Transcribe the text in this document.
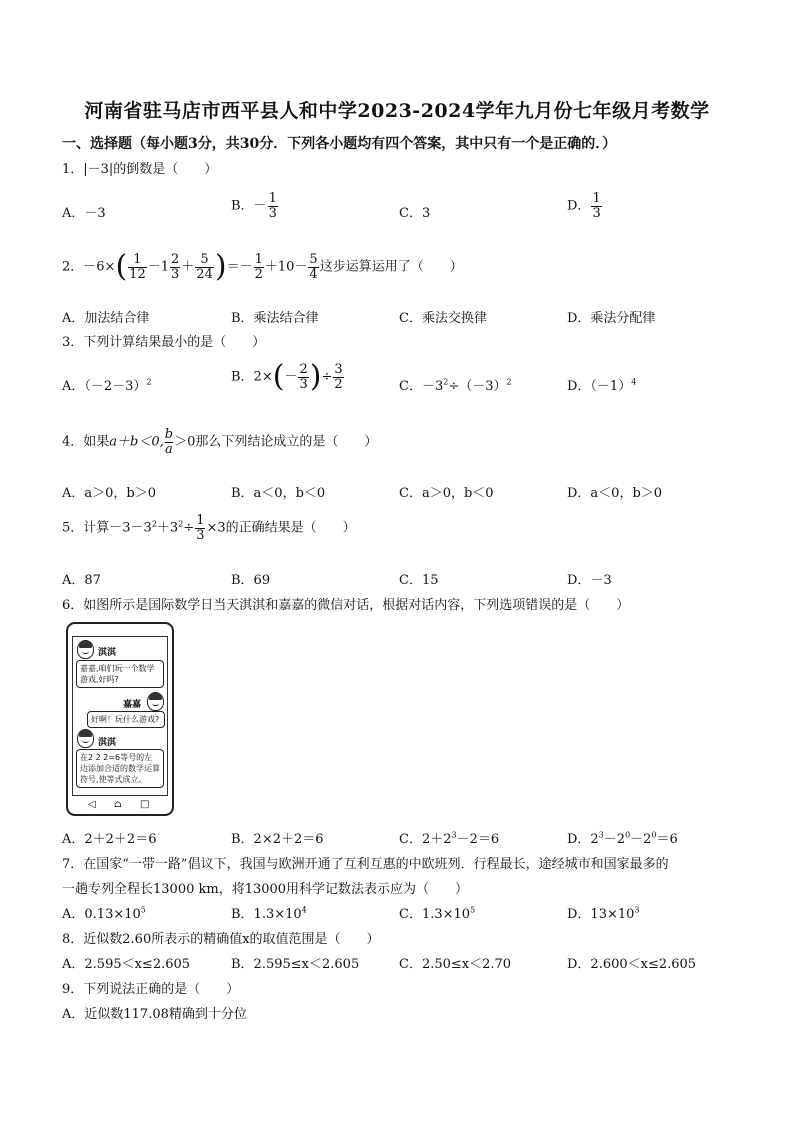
河南省驻马店市西平县人和中学2023-2024学年九月份七年级月考数学
一、选择题（每小题3分，共30分．下列各小题均有四个答案，其中只有一个是正确的．）
1．|－3|的倒数是（　　）
A．－3	B．－ $\frac{1}{3}$	C．3	D． $\frac{1}{3}$
2．$-6\times( \frac{1}{12} -1 \frac{2}{3} + \frac{5}{24}$ )＝－ $\frac{1}{2} +10- \frac{5}{4}$ 这步运算运用了（　　）
A．加法结合律	B．乘法结合律	C．乘法交换律	D．乘法分配律
3．下列计算结果最小的是（　　）
A．$(-2-3)^2$	B．$2\times(- \frac{2}{3}$ )÷ $\frac{3}{2}$	C．$-3^2\div(-3)^2$	D．$(-1)^4$
4．如果a＋b＜0, $\frac{b}{a} >0$那么下列结论成立的是（　　）
A．a＞0，b＞0	B．a＜0，b＜0	C．a＞0，b＜0	D．a＜0，b＞0
5．计算$-3-3^2+3^2\div \frac{1}{3} \times 3$的正确结果是（　　）
A．87	B．69	C．15	D．－3
6．如图所示是国际数学日当天淇淇和嘉嘉的微信对话，根据对话内容，下列选项错误的是（　　）
淇淇
嘉嘉,咱们玩一个数学游戏,好吗?
嘉嘉
好啊！玩什么游戏?
淇淇
在2 2 2=6等号的左边添加合适的数学运算符号,使等式成立。
◁ ⌂ □
A．2＋2＋2＝6	B．2×2＋2＝6	C．$2+2^3-2=6$	D．$2^3-2^0-2^0=6$
7．在国家“一带一路”倡议下，我国与欧洲开通了互利互惠的中欧班列．行程最长，途经城市和国家最多的
一趟专列全程长13000 km，将13000用科学记数法表示应为（　　）
A．$0.13\times 10^5$	B．$1.3\times 10^4$	C．$1.3\times 10^5$	D．$13\times 10^3$
8．近似数2.60所表示的精确值x的取值范围是（　　）
A．2.595＜x≤2.605	B．2.595≤x＜2.605	C．2.50≤x＜2.70	D．2.600＜x≤2.605
9．下列说法正确的是（　　）
A．近似数117.08精确到十分位
